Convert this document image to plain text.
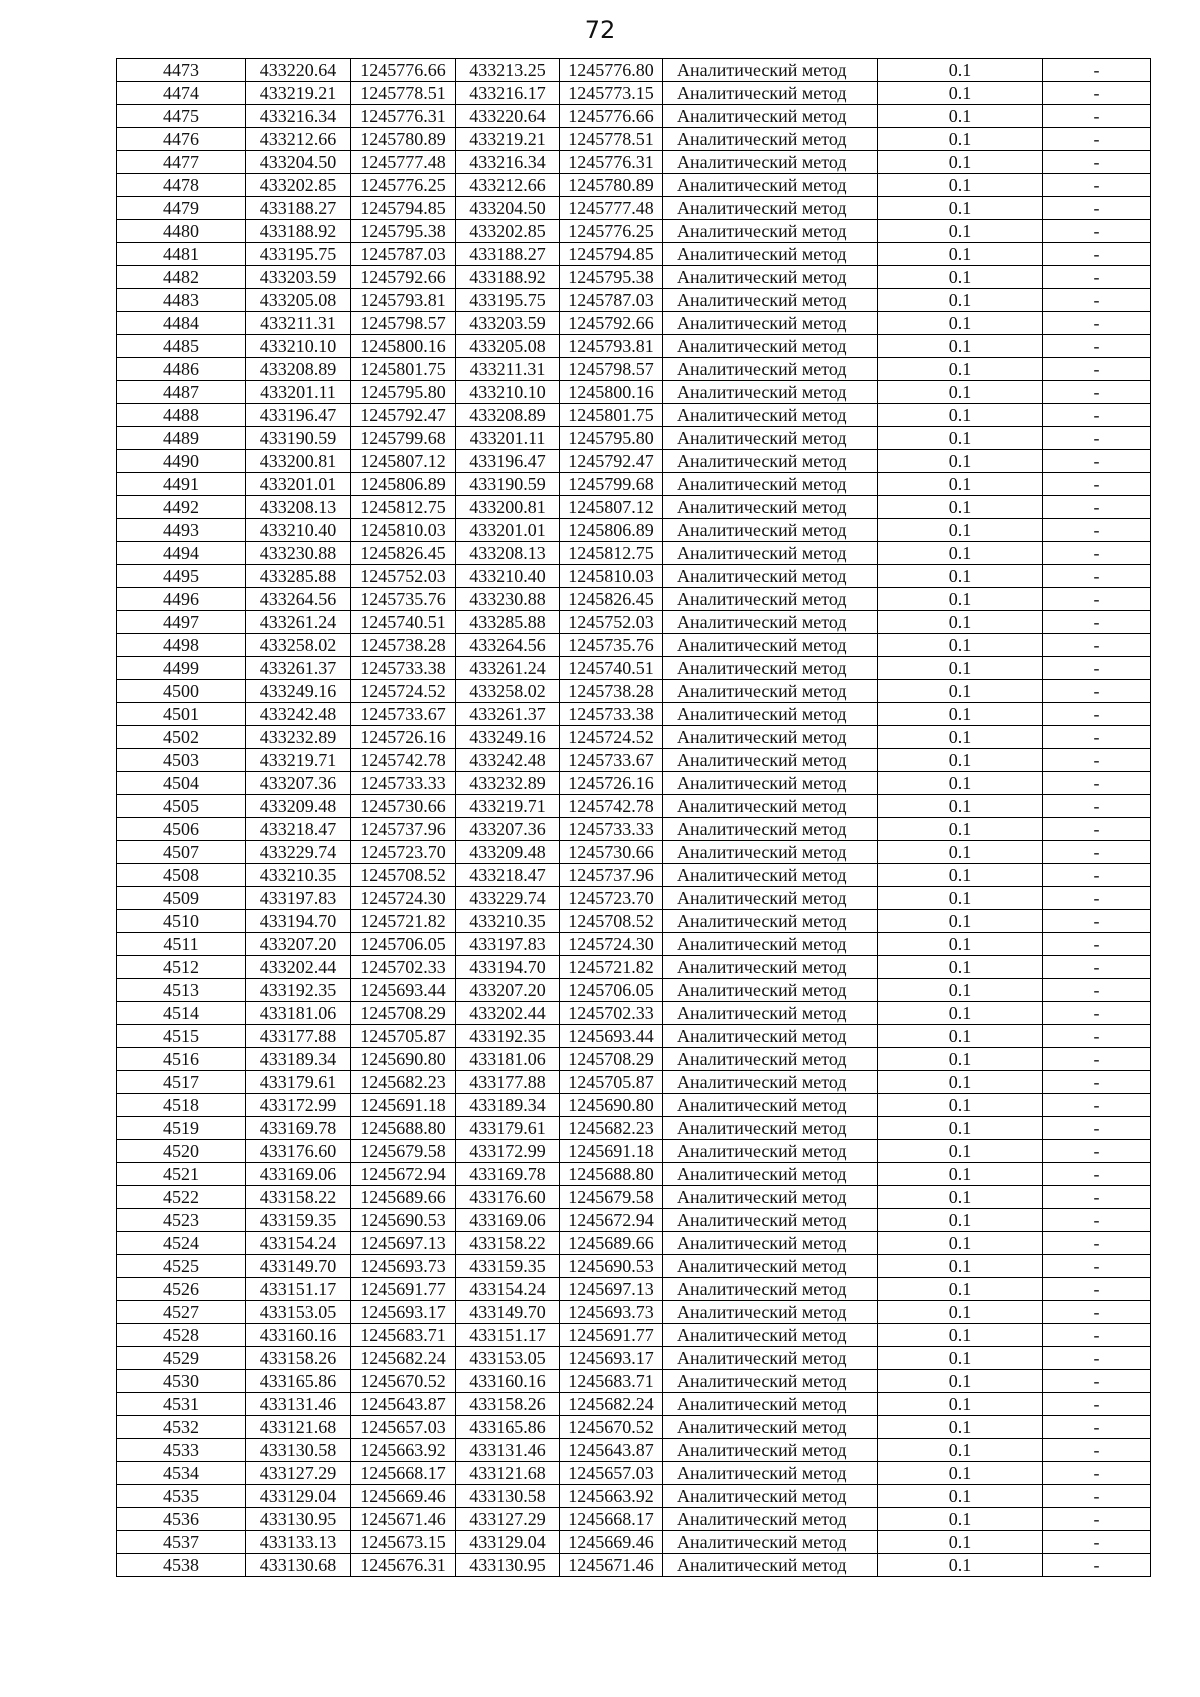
72
4473	433220.64	1245776.66	433213.25	1245776.80	Аналитический метод	0.1	-
4474	433219.21	1245778.51	433216.17	1245773.15	Аналитический метод	0.1	-
4475	433216.34	1245776.31	433220.64	1245776.66	Аналитический метод	0.1	-
4476	433212.66	1245780.89	433219.21	1245778.51	Аналитический метод	0.1	-
4477	433204.50	1245777.48	433216.34	1245776.31	Аналитический метод	0.1	-
4478	433202.85	1245776.25	433212.66	1245780.89	Аналитический метод	0.1	-
4479	433188.27	1245794.85	433204.50	1245777.48	Аналитический метод	0.1	-
4480	433188.92	1245795.38	433202.85	1245776.25	Аналитический метод	0.1	-
4481	433195.75	1245787.03	433188.27	1245794.85	Аналитический метод	0.1	-
4482	433203.59	1245792.66	433188.92	1245795.38	Аналитический метод	0.1	-
4483	433205.08	1245793.81	433195.75	1245787.03	Аналитический метод	0.1	-
4484	433211.31	1245798.57	433203.59	1245792.66	Аналитический метод	0.1	-
4485	433210.10	1245800.16	433205.08	1245793.81	Аналитический метод	0.1	-
4486	433208.89	1245801.75	433211.31	1245798.57	Аналитический метод	0.1	-
4487	433201.11	1245795.80	433210.10	1245800.16	Аналитический метод	0.1	-
4488	433196.47	1245792.47	433208.89	1245801.75	Аналитический метод	0.1	-
4489	433190.59	1245799.68	433201.11	1245795.80	Аналитический метод	0.1	-
4490	433200.81	1245807.12	433196.47	1245792.47	Аналитический метод	0.1	-
4491	433201.01	1245806.89	433190.59	1245799.68	Аналитический метод	0.1	-
4492	433208.13	1245812.75	433200.81	1245807.12	Аналитический метод	0.1	-
4493	433210.40	1245810.03	433201.01	1245806.89	Аналитический метод	0.1	-
4494	433230.88	1245826.45	433208.13	1245812.75	Аналитический метод	0.1	-
4495	433285.88	1245752.03	433210.40	1245810.03	Аналитический метод	0.1	-
4496	433264.56	1245735.76	433230.88	1245826.45	Аналитический метод	0.1	-
4497	433261.24	1245740.51	433285.88	1245752.03	Аналитический метод	0.1	-
4498	433258.02	1245738.28	433264.56	1245735.76	Аналитический метод	0.1	-
4499	433261.37	1245733.38	433261.24	1245740.51	Аналитический метод	0.1	-
4500	433249.16	1245724.52	433258.02	1245738.28	Аналитический метод	0.1	-
4501	433242.48	1245733.67	433261.37	1245733.38	Аналитический метод	0.1	-
4502	433232.89	1245726.16	433249.16	1245724.52	Аналитический метод	0.1	-
4503	433219.71	1245742.78	433242.48	1245733.67	Аналитический метод	0.1	-
4504	433207.36	1245733.33	433232.89	1245726.16	Аналитический метод	0.1	-
4505	433209.48	1245730.66	433219.71	1245742.78	Аналитический метод	0.1	-
4506	433218.47	1245737.96	433207.36	1245733.33	Аналитический метод	0.1	-
4507	433229.74	1245723.70	433209.48	1245730.66	Аналитический метод	0.1	-
4508	433210.35	1245708.52	433218.47	1245737.96	Аналитический метод	0.1	-
4509	433197.83	1245724.30	433229.74	1245723.70	Аналитический метод	0.1	-
4510	433194.70	1245721.82	433210.35	1245708.52	Аналитический метод	0.1	-
4511	433207.20	1245706.05	433197.83	1245724.30	Аналитический метод	0.1	-
4512	433202.44	1245702.33	433194.70	1245721.82	Аналитический метод	0.1	-
4513	433192.35	1245693.44	433207.20	1245706.05	Аналитический метод	0.1	-
4514	433181.06	1245708.29	433202.44	1245702.33	Аналитический метод	0.1	-
4515	433177.88	1245705.87	433192.35	1245693.44	Аналитический метод	0.1	-
4516	433189.34	1245690.80	433181.06	1245708.29	Аналитический метод	0.1	-
4517	433179.61	1245682.23	433177.88	1245705.87	Аналитический метод	0.1	-
4518	433172.99	1245691.18	433189.34	1245690.80	Аналитический метод	0.1	-
4519	433169.78	1245688.80	433179.61	1245682.23	Аналитический метод	0.1	-
4520	433176.60	1245679.58	433172.99	1245691.18	Аналитический метод	0.1	-
4521	433169.06	1245672.94	433169.78	1245688.80	Аналитический метод	0.1	-
4522	433158.22	1245689.66	433176.60	1245679.58	Аналитический метод	0.1	-
4523	433159.35	1245690.53	433169.06	1245672.94	Аналитический метод	0.1	-
4524	433154.24	1245697.13	433158.22	1245689.66	Аналитический метод	0.1	-
4525	433149.70	1245693.73	433159.35	1245690.53	Аналитический метод	0.1	-
4526	433151.17	1245691.77	433154.24	1245697.13	Аналитический метод	0.1	-
4527	433153.05	1245693.17	433149.70	1245693.73	Аналитический метод	0.1	-
4528	433160.16	1245683.71	433151.17	1245691.77	Аналитический метод	0.1	-
4529	433158.26	1245682.24	433153.05	1245693.17	Аналитический метод	0.1	-
4530	433165.86	1245670.52	433160.16	1245683.71	Аналитический метод	0.1	-
4531	433131.46	1245643.87	433158.26	1245682.24	Аналитический метод	0.1	-
4532	433121.68	1245657.03	433165.86	1245670.52	Аналитический метод	0.1	-
4533	433130.58	1245663.92	433131.46	1245643.87	Аналитический метод	0.1	-
4534	433127.29	1245668.17	433121.68	1245657.03	Аналитический метод	0.1	-
4535	433129.04	1245669.46	433130.58	1245663.92	Аналитический метод	0.1	-
4536	433130.95	1245671.46	433127.29	1245668.17	Аналитический метод	0.1	-
4537	433133.13	1245673.15	433129.04	1245669.46	Аналитический метод	0.1	-
4538	433130.68	1245676.31	433130.95	1245671.46	Аналитический метод	0.1	-
